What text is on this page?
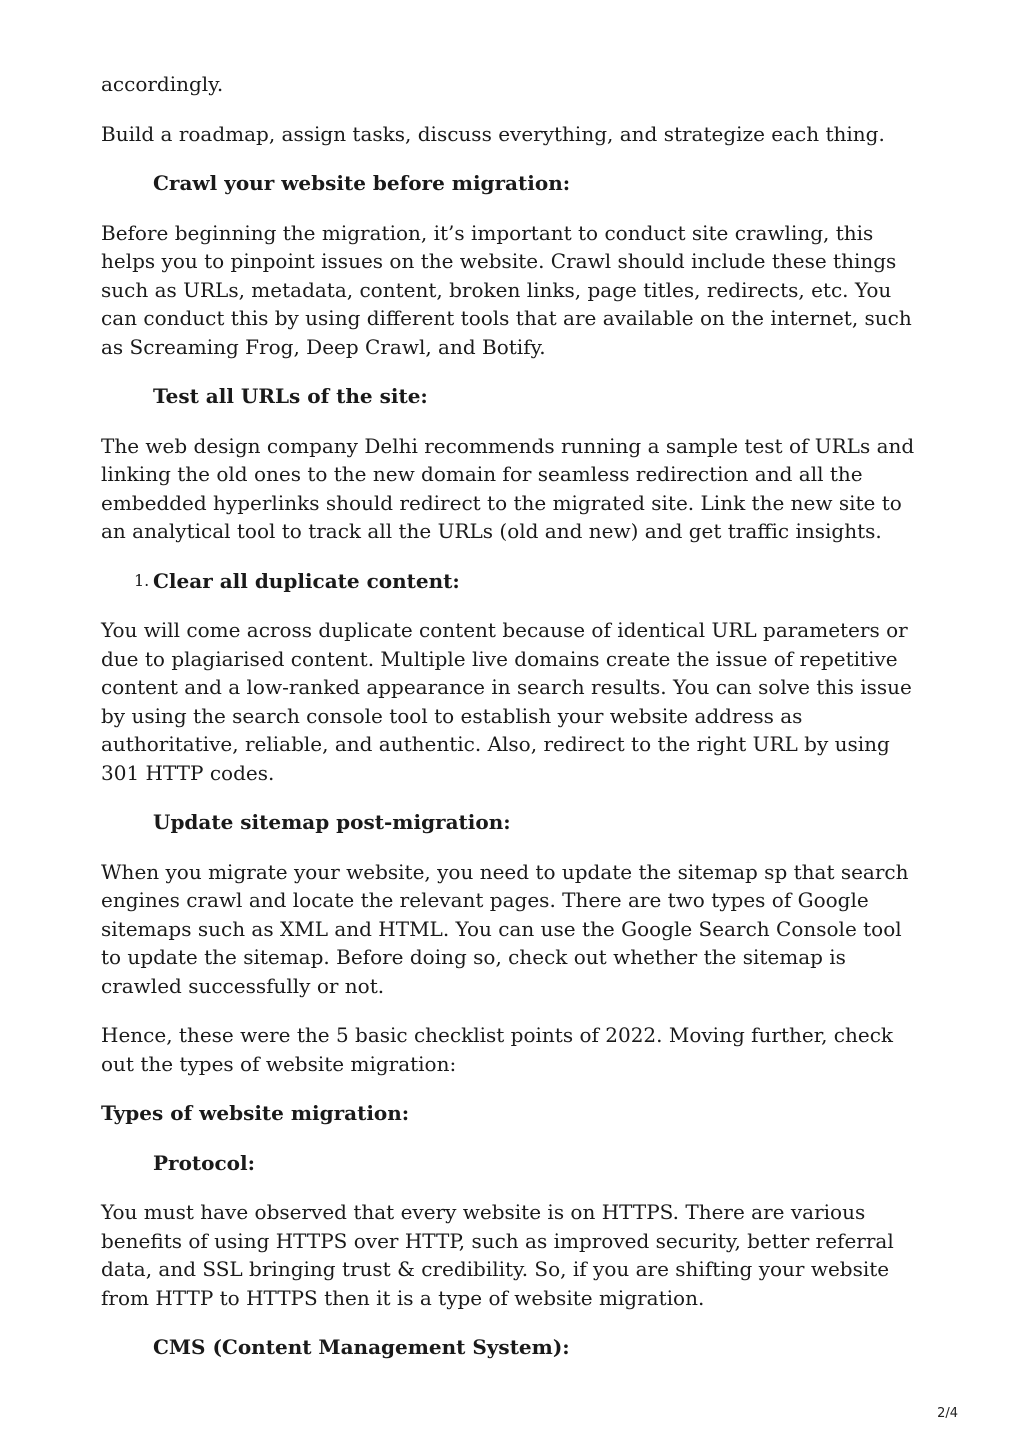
accordingly.

Build a roadmap, assign tasks, discuss everything, and strategize each thing.

Crawl your website before migration:

Before beginning the migration, it’s important to conduct site crawling, this helps you to pinpoint issues on the website. Crawl should include these things such as URLs, metadata, content, broken links, page titles, redirects, etc. You can conduct this by using different tools that are available on the internet, such as Screaming Frog, Deep Crawl, and Botify.

Test all URLs of the site:

The web design company Delhi recommends running a sample test of URLs and linking the old ones to the new domain for seamless redirection and all the embedded hyperlinks should redirect to the migrated site. Link the new site to an analytical tool to track all the URLs (old and new) and get traffic insights.

1. Clear all duplicate content:

You will come across duplicate content because of identical URL parameters or due to plagiarised content. Multiple live domains create the issue of repetitive content and a low-ranked appearance in search results. You can solve this issue by using the search console tool to establish your website address as authoritative, reliable, and authentic. Also, redirect to the right URL by using 301 HTTP codes.

Update sitemap post-migration:

When you migrate your website, you need to update the sitemap sp that search engines crawl and locate the relevant pages. There are two types of Google sitemaps such as XML and HTML. You can use the Google Search Console tool to update the sitemap. Before doing so, check out whether the sitemap is crawled successfully or not.

Hence, these were the 5 basic checklist points of 2022. Moving further, check out the types of website migration:

Types of website migration:
Protocol:

You must have observed that every website is on HTTPS. There are various benefits of using HTTPS over HTTP, such as improved security, better referral data, and SSL bringing trust & credibility. So, if you are shifting your website from HTTP to HTTPS then it is a type of website migration.

CMS (Content Management System):
2/4
